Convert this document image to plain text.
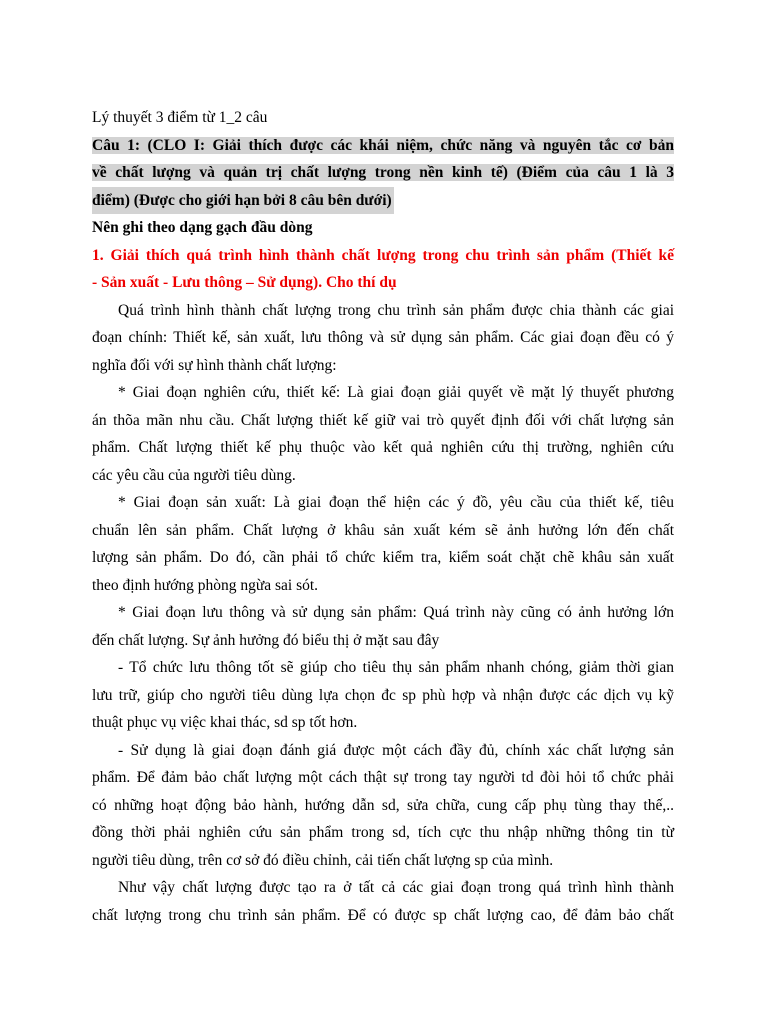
Lý thuyết 3 điểm từ 1_2 câu

Câu 1: (CLO I: Giải thích được các khái niệm, chức năng và nguyên tắc cơ bản

về chất lượng và quản trị chất lượng trong nền kinh tế) (Điểm của câu 1 là 3

điểm) (Được cho giới hạn bởi 8 câu bên dưới)

Nên ghi theo dạng gạch đầu dòng

1. Giải thích quá trình hình thành chất lượng trong chu trình sản phẩm (Thiết kế

- Sản xuất - Lưu thông – Sử dụng). Cho thí dụ

Quá trình hình thành chất lượng trong chu trình sản phẩm được chia thành các giai

đoạn chính: Thiết kế, sản xuất, lưu thông và sử dụng sản phẩm. Các giai đoạn đều có ý

nghĩa đối với sự hình thành chất lượng:

* Giai đoạn nghiên cứu, thiết kế: Là giai đoạn giải quyết về mặt lý thuyết phương

án thõa mãn nhu cầu. Chất lượng thiết kế giữ vai trò quyết định đối với chất lượng sản

phẩm. Chất lượng thiết kế phụ thuộc vào kết quả nghiên cứu thị trường, nghiên cứu

các yêu cầu của người tiêu dùng.

* Giai đoạn sản xuất: Là giai đoạn thể hiện các ý đồ, yêu cầu của thiết kế, tiêu

chuẩn lên sản phẩm. Chất lượng ở khâu sản xuất kém sẽ ảnh hưởng lớn đến chất

lượng sản phẩm. Do đó, cần phải tổ chức kiểm tra, kiểm soát chặt chẽ khâu sản xuất

theo định hướng phòng ngừa sai sót.

* Giai đoạn lưu thông và sử dụng sản phẩm: Quá trình này cũng có ảnh hưởng lớn

đến chất lượng. Sự ảnh hưởng đó biểu thị ở mặt sau đây

- Tổ chức lưu thông tốt sẽ giúp cho tiêu thụ sản phẩm nhanh chóng, giảm thời gian

lưu trữ, giúp cho người tiêu dùng lựa chọn đc sp phù hợp và nhận được các dịch vụ kỹ

thuật phục vụ việc khai thác, sd sp tốt hơn.

- Sử dụng là giai đoạn đánh giá được một cách đầy đủ, chính xác chất lượng sản

phẩm. Để đảm bảo chất lượng một cách thật sự trong tay người td đòi hỏi tổ chức phải

có những hoạt động bảo hành, hướng dẫn sd, sửa chữa, cung cấp phụ tùng thay thế,..

đồng thời phải nghiên cứu sản phẩm trong sd, tích cực thu nhập những thông tin từ

người tiêu dùng, trên cơ sở đó điều chỉnh, cải tiến chất lượng sp của mình.

Như vậy chất lượng được tạo ra ở tất cả các giai đoạn trong quá trình hình thành

chất lượng trong chu trình sản phẩm. Để có được sp chất lượng cao, để đảm bảo chất
